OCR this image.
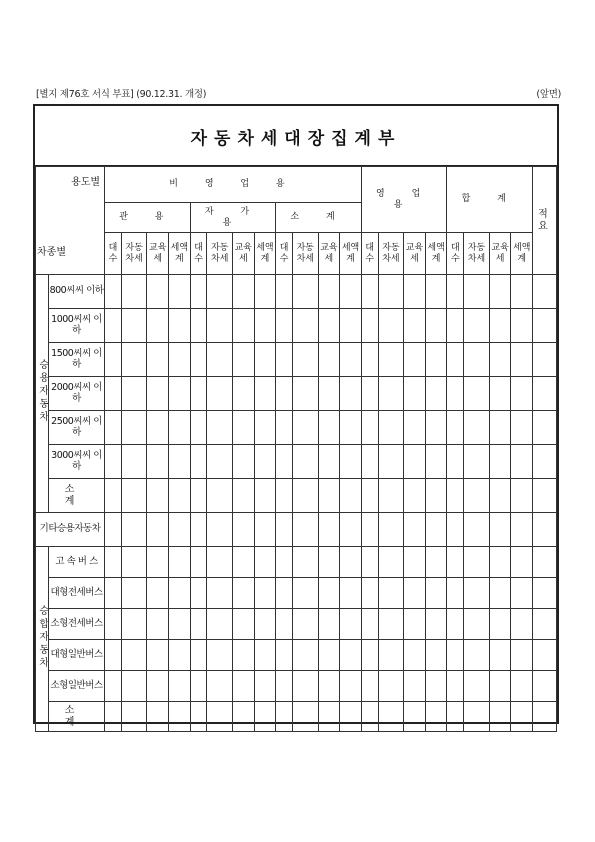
[별지 제76호 서식 부표] (90.12.31. 개정)	(앞면)
자동차세대장집계부
용도별
차종별		비 영 업 용												영 업 용				합 계				적 요
		관 용				자 가 용				소 계												
		대수	자동차세	교육세	세액계	대수	자동차세	교육세	세액계	대수	자동차세	교육세	세액계	대수	자동차세	교육세	세액계	대수	자동차세	교육세	세액계	
승용자동차	800씨씨 이하																					
	1000씨씨 이하																					
	1500씨씨 이하																					
	2000씨씨 이하																					
	2500씨씨 이하																					
	3000씨씨 이하																					
	소 계																					
기타승용자동차																						
승합자동차	고 속 버 스																					
	대형전세버스																					
	소형전세버스																					
	대형일반버스																					
	소형일반버스																					
	소 계																					
